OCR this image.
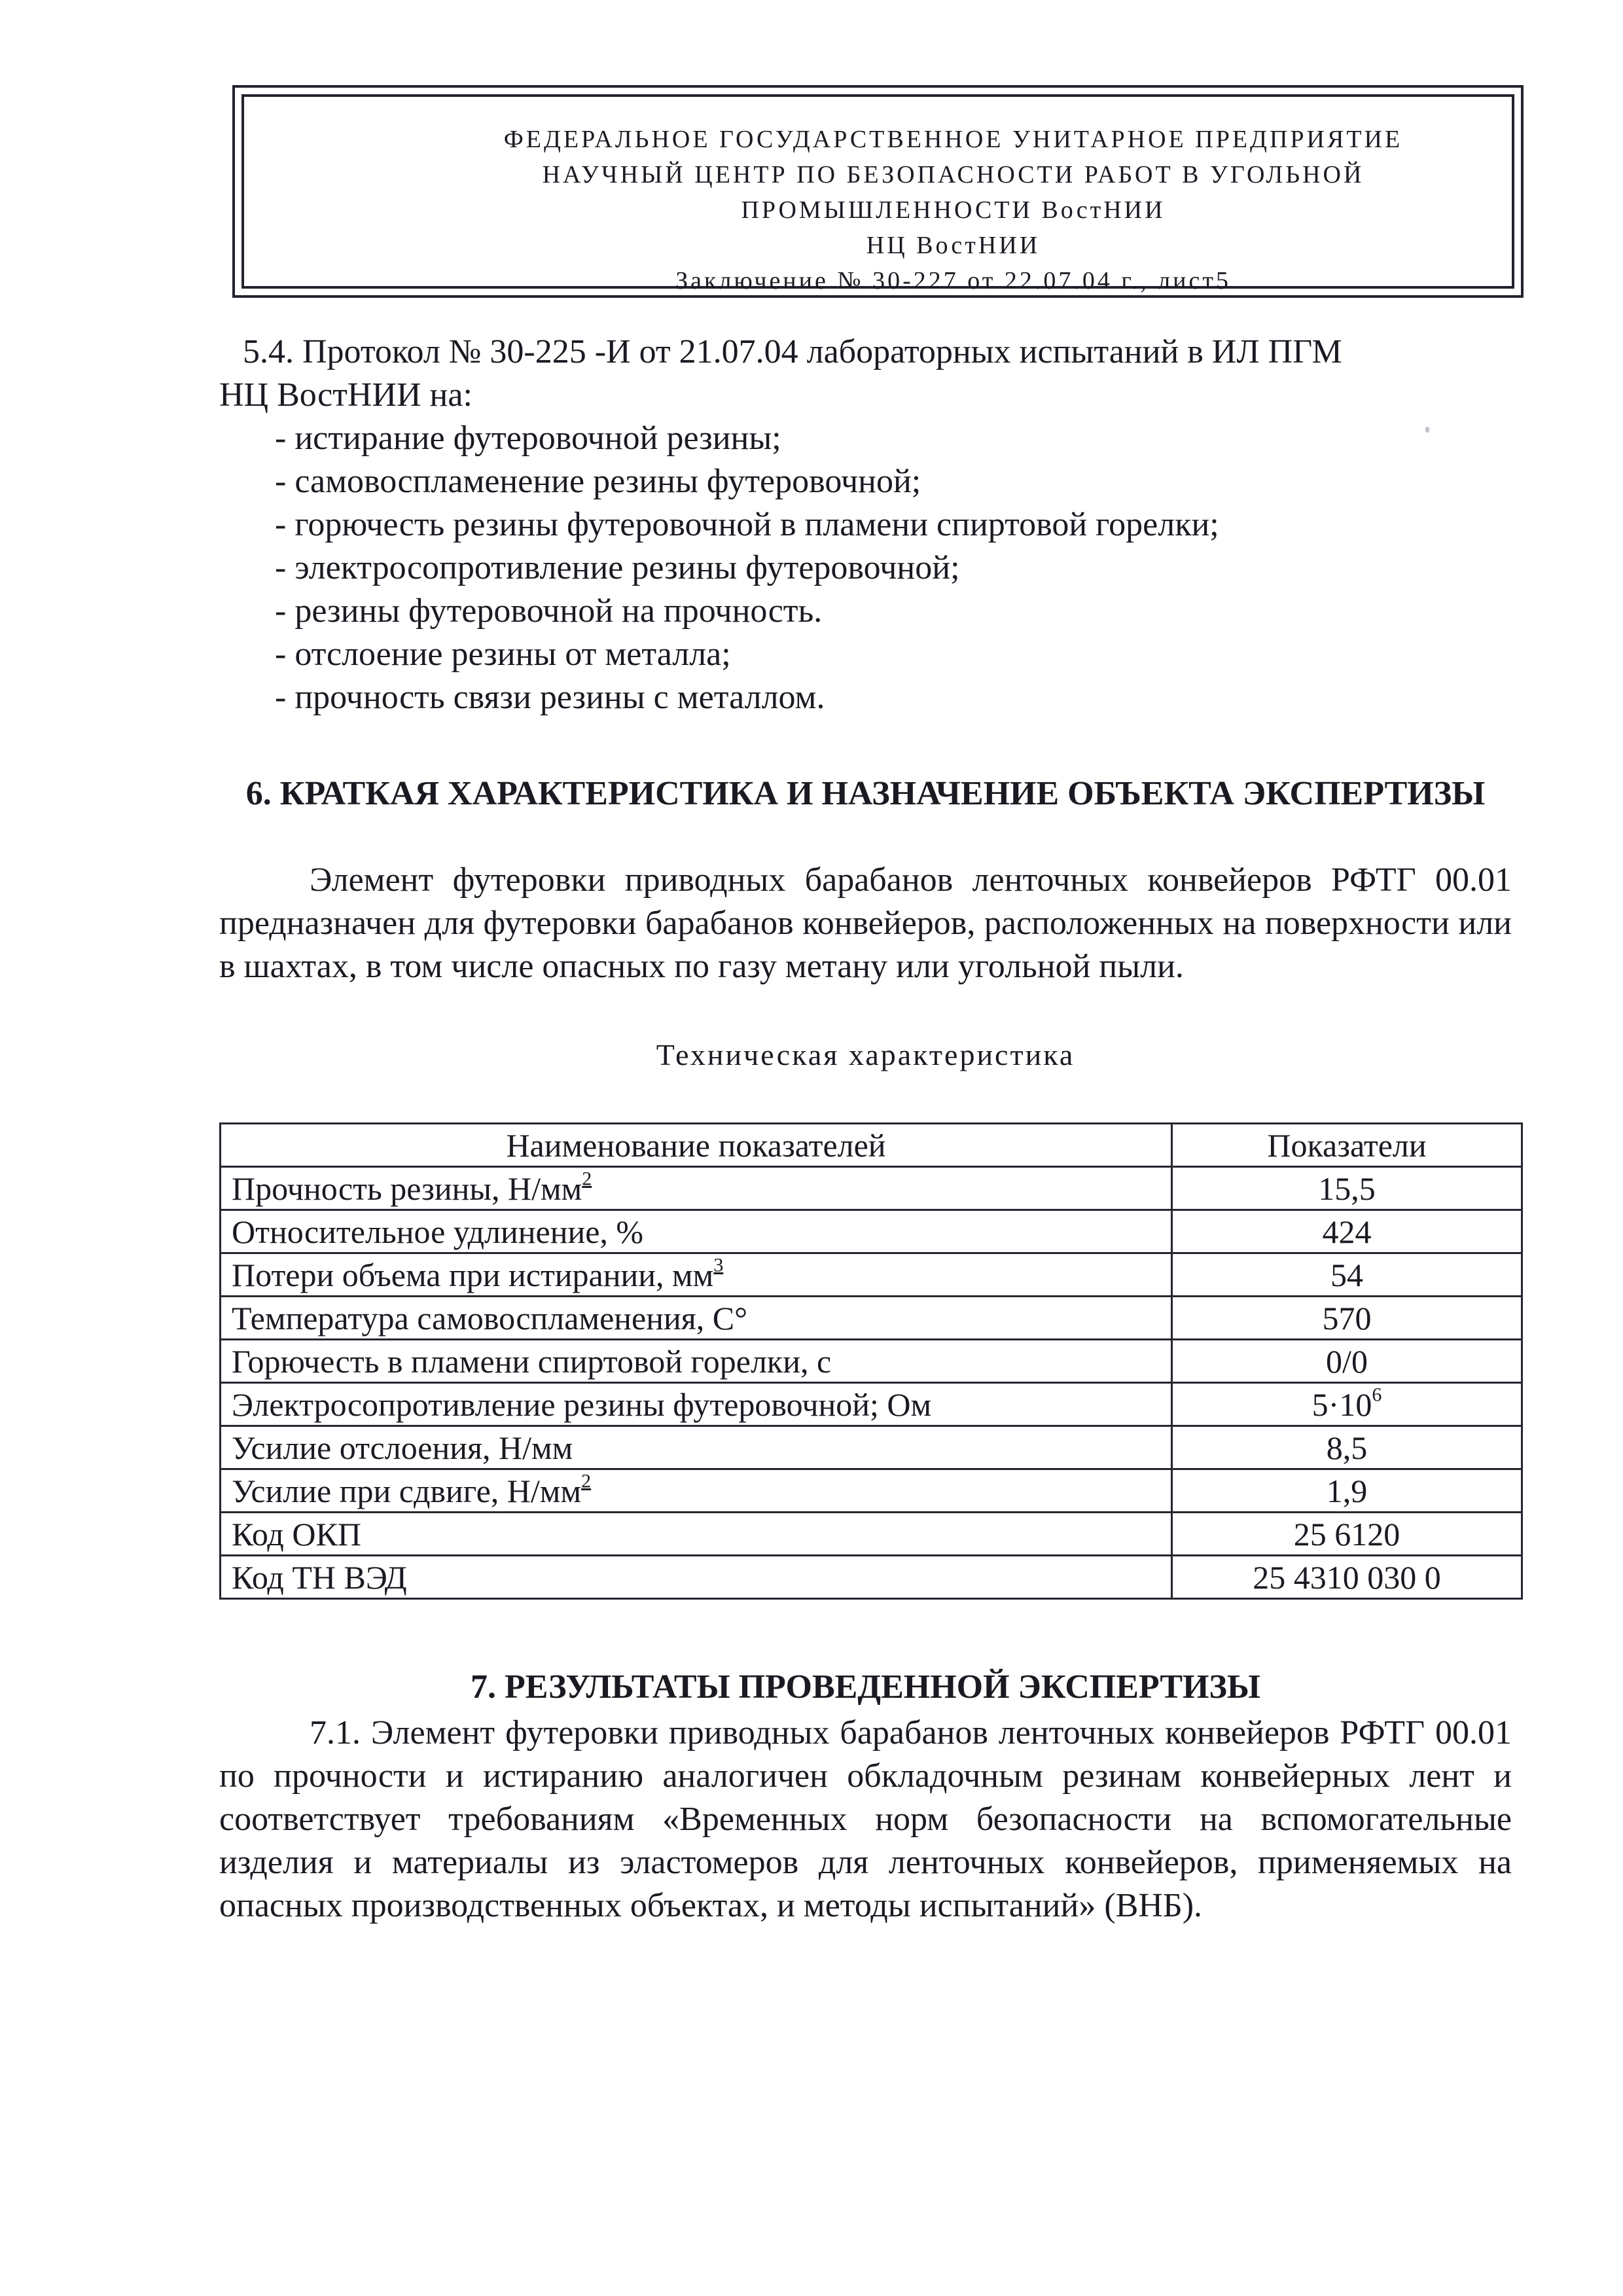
ФЕДЕРАЛЬНОЕ ГОСУДАРСТВЕННОЕ УНИТАРНОЕ ПРЕДПРИЯТИЕ
НАУЧНЫЙ ЦЕНТР ПО БЕЗОПАСНОСТИ РАБОТ В УГОЛЬНОЙ
ПРОМЫШЛЕННОСТИ ВостНИИ
НЦ ВостНИИ
Заключение № 30-227 от 22.07.04 г., лист5
5.4. Протокол № 30-225 -И от 21.07.04 лабораторных испытаний в ИЛ ПГМ
НЦ ВостНИИ на:
- истирание футеровочной резины;
- самовоспламенение резины футеровочной;
- горючесть резины футеровочной в пламени спиртовой горелки;
- электросопротивление резины футеровочной;
- резины футеровочной на прочность.
- отслоение резины от металла;
- прочность связи резины с металлом.
6. КРАТКАЯ ХАРАКТЕРИСТИКА И НАЗНАЧЕНИЕ ОБЪЕКТА ЭКСПЕРТИЗЫ
Элемент футеровки приводных барабанов ленточных конвейеров РФТГ 00.01 предназначен для футеровки барабанов конвейеров, расположенных на поверхности или в шахтах, в том числе опасных по газу метану или угольной пыли.
Техническая характеристика
Наименование показателей	Показатели
Прочность резины, $Н/мм^2$	15,5
Относительное удлинение, %	424
Потери объема при истирании, $мм^3$	54
Температура самовоспламенения, С°	570
Горючесть в пламени спиртовой горелки, с	0/0
Электросопротивление резины футеровочной; Ом	$5\cdot 10^6$
Усилие отслоения, Н/мм	8,5
Усилие при сдвиге, $Н/мм^2$	1,9
Код ОКП	25 6120
Код ТН ВЭД	25 4310 030 0
7. РЕЗУЛЬТАТЫ ПРОВЕДЕННОЙ ЭКСПЕРТИЗЫ
7.1. Элемент футеровки приводных барабанов ленточных конвейеров РФТГ 00.01 по прочности и истиранию аналогичен обкладочным резинам конвейерных лент и соответствует требованиям «Временных норм безопасности на вспомогательные изделия и материалы из эластомеров для ленточных конвейеров, применяемых на опасных производственных объектах, и методы испытаний» (ВНБ).
